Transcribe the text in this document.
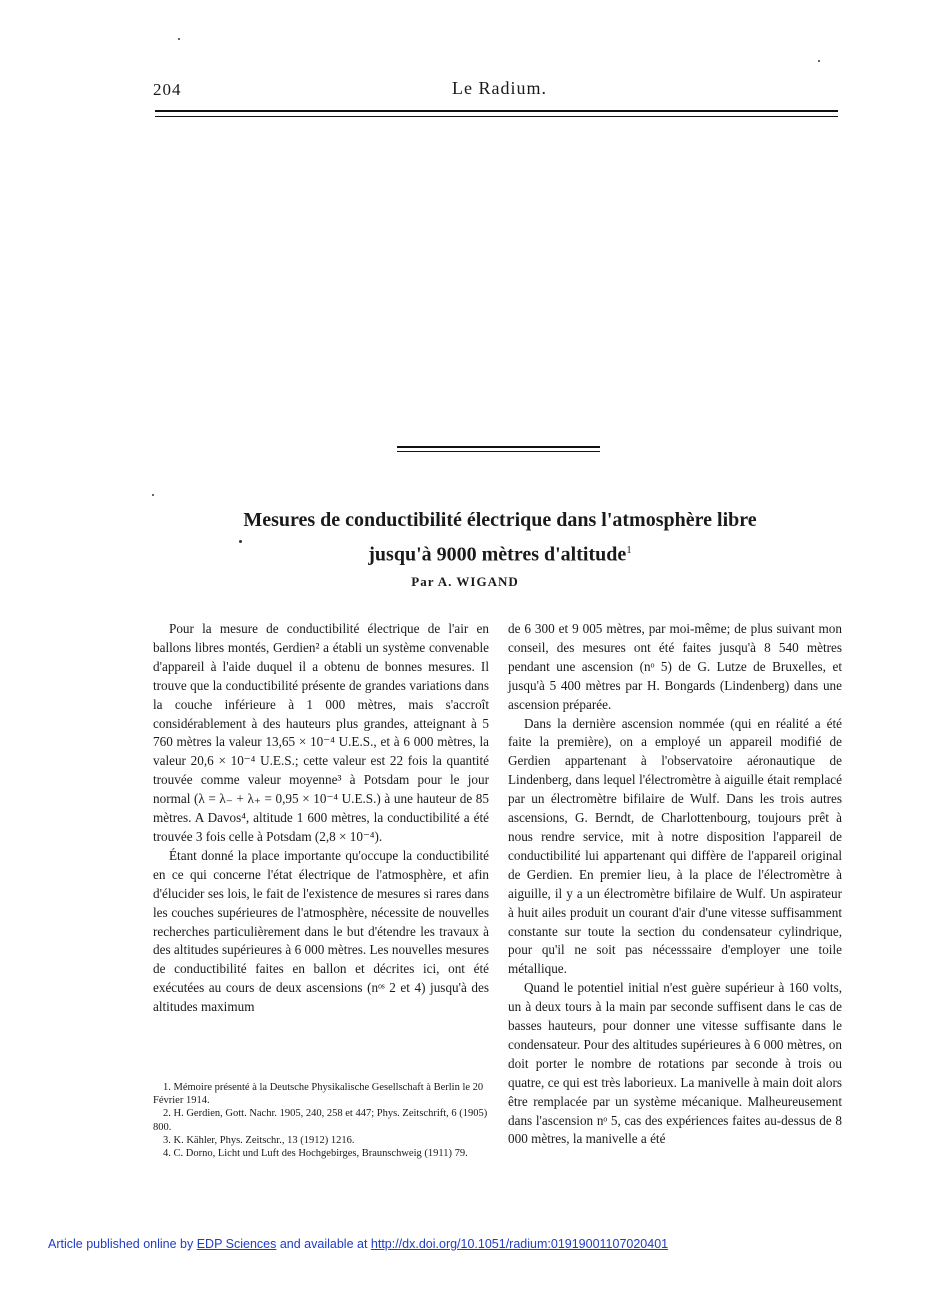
204	Le Radium.
Mesures de conductibilité électrique dans l'atmosphère libre
jusqu'à 9000 mètres d'altitude$^1$
Par A. WIGAND

Pour la mesure de conductibilité électrique de l'air en ballons libres montés, Gerdien² a établi un système convenable d'appareil à l'aide duquel il a obtenu de bonnes mesures. Il trouve que la conductibilité présente de grandes variations dans la couche inférieure à 1 000 mètres, mais s'accroît considérablement à des hauteurs plus grandes, atteignant à 5 760 mètres la valeur 13,65 × 10⁻⁴ U.E.S., et à 6 000 mètres, la valeur 20,6 × 10⁻⁴ U.E.S.; cette valeur est 22 fois la quantité trouvée comme valeur moyenne³ à Potsdam pour le jour normal (λ = λ₋ + λ₊ = 0,95 × 10⁻⁴ U.E.S.) à une hauteur de 85 mètres. A Davos⁴, altitude 1 600 mètres, la conductibilité a été trouvée 3 fois celle à Potsdam (2,8 × 10⁻⁴).

Étant donné la place importante qu'occupe la conductibilité en ce qui concerne l'état électrique de l'atmosphère, et afin d'élucider ses lois, le fait de l'existence de mesures si rares dans les couches supérieures de l'atmosphère, nécessite de nouvelles recherches particulièrement dans le but d'étendre les travaux à des altitudes supérieures à 6 000 mètres. Les nouvelles mesures de conductibilité faites en ballon et décrites ici, ont été exécutées au cours de deux ascensions (nᵒˢ 2 et 4) jusqu'à des altitudes maximum

de 6 300 et 9 005 mètres, par moi-même; de plus suivant mon conseil, des mesures ont été faites jusqu'à 8 540 mètres pendant une ascension (nᵒ 5) de G. Lutze de Bruxelles, et jusqu'à 5 400 mètres par H. Bongards (Lindenberg) dans une ascension préparée.

Dans la dernière ascension nommée (qui en réalité a été faite la première), on a employé un appareil modifié de Gerdien appartenant à l'observatoire aéronautique de Lindenberg, dans lequel l'électromètre à aiguille était remplacé par un électromètre bifilaire de Wulf. Dans les trois autres ascensions, G. Berndt, de Charlottenbourg, toujours prêt à nous rendre service, mit à notre disposition l'appareil de conductibilité lui appartenant qui diffère de l'appareil original de Gerdien. En premier lieu, à la place de l'électromètre à aiguille, il y a un électromètre bifilaire de Wulf. Un aspirateur à huit ailes produit un courant d'air d'une vitesse suffisamment constante sur toute la section du condensateur cylindrique, pour qu'il ne soit pas nécesssaire d'employer une toile métallique.

Quand le potentiel initial n'est guère supérieur à 160 volts, un à deux tours à la main par seconde suffisent dans le cas de basses hauteurs, pour donner une vitesse suffisante dans le condensateur. Pour des altitudes supérieures à 6 000 mètres, on doit porter le nombre de rotations par seconde à trois ou quatre, ce qui est très laborieux. La manivelle à main doit alors être remplacée par un système mécanique. Malheureusement dans l'ascension nᵒ 5, cas des expériences faites au-dessus de 8 000 mètres, la manivelle a été

1. Mémoire présenté à la Deutsche Physikalische Gesellschaft à Berlin le 20 Février 1914.
2. H. Gerdien, Gott. Nachr. 1905, 240, 258 et 447; Phys. Zeitschrift, 6 (1905) 800.
3. K. Kähler, Phys. Zeitschr., 13 (1912) 1216.
4. C. Dorno, Licht und Luft des Hochgebirges, Braunschweig (1911) 79.
Article published online by EDP Sciences and available at http://dx.doi.org/10.1051/radium:01919001107020401
